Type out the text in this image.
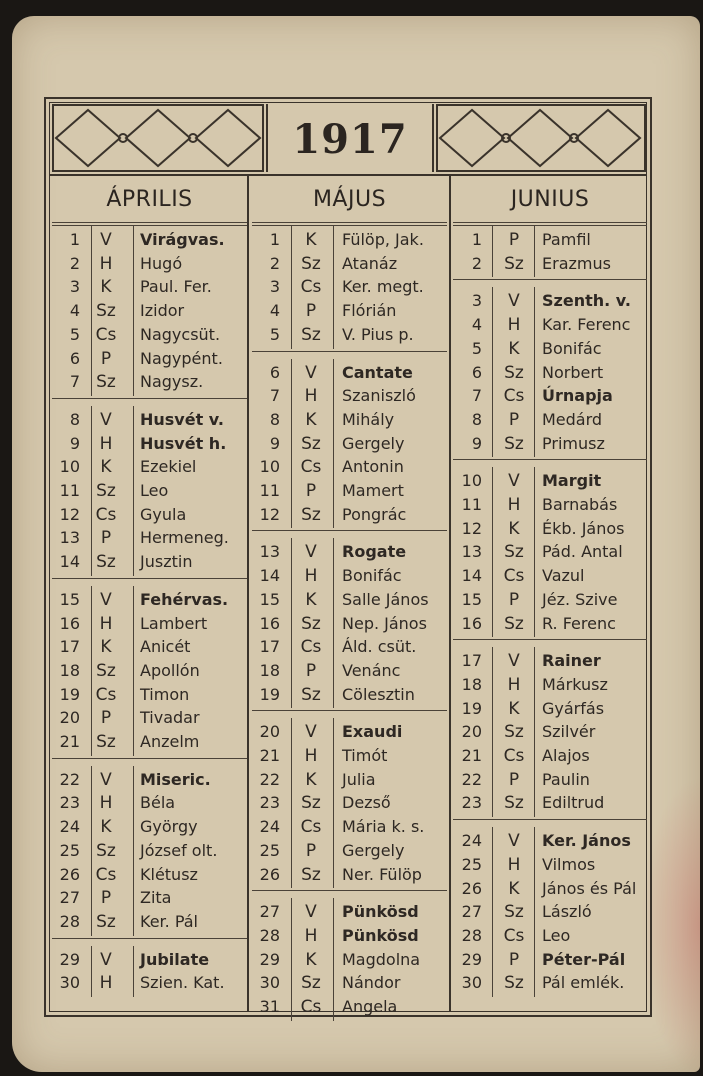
1917
ÁPRILIS
1	V	Virágvas.
2	H	Hugó
3	K	Paul. Fer.
4 Sz Izidor
5 Cs Nagycsüt.
6	P	Nagypént.
7 Sz Nagysz.
8	V	Husvét v.
9	H	Husvét h.
10	K	Ezekiel
11 Sz Leo
12 Cs Gyula
13	P	Hermeneg.
14 Sz Jusztin
15	V	Fehérvas.
16	H	Lambert
17	K	Anicét
18 Sz Apollón
19 Cs Timon
20	P	Tivadar
21 Sz Anzelm
22	V	Miseric.
23	H	Béla
24	K	György
25 Sz József olt.
26 Cs Klétusz
27	P	Zita
28 Sz Ker. Pál
29	V	Jubilate
30	H	Szien. Kat.
MÁJUS
1	K	Fülöp, Jak.
2 Sz Atanáz
3 Cs Ker. megt.
4	P	Flórián
5 Sz V. Pius p.
6	V	Cantate
7	H	Szaniszló
8	K	Mihály
9 Sz Gergely
10 Cs Antonin
11	P	Mamert
12 Sz Pongrác
13	V	Rogate
14	H	Bonifác
15	K	Salle János
16 Sz Nep. János
17 Cs Áld. csüt.
18	P	Venánc
19 Sz Cölesztin
20	V	Exaudi
21	H	Timót
22	K	Julia
23 Sz Dezső
24 Cs Mária k. s.
25	P	Gergely
26 Sz Ner. Fülöp
27	V	Pünkösd
28	H	Pünkösd
29	K	Magdolna
30 Sz Nándor
31 Cs Angela
JUNIUS
1	P	Pamfil
2 Sz Erazmus
3	V	Szenth. v.
4	H	Kar. Ferenc
5	K	Bonifác
6 Sz Norbert
7 Cs Úrnapja
8	P	Medárd
9 Sz Primusz
10	V	Margit
11	H	Barnabás
12	K	Ékb. János
13 Sz Pád. Antal
14 Cs Vazul
15	P	Jéz. Szive
16 Sz R. Ferenc
17	V	Rainer
18	H	Márkusz
19	K	Gyárfás
20 Sz Szilvér
21 Cs Alajos
22	P	Paulin
23 Sz Ediltrud
24	V	Ker. János
25	H	Vilmos
26	K	János és Pál
27 Sz László
28 Cs Leo
29	P	Péter-Pál
30 Sz Pál emlék.
